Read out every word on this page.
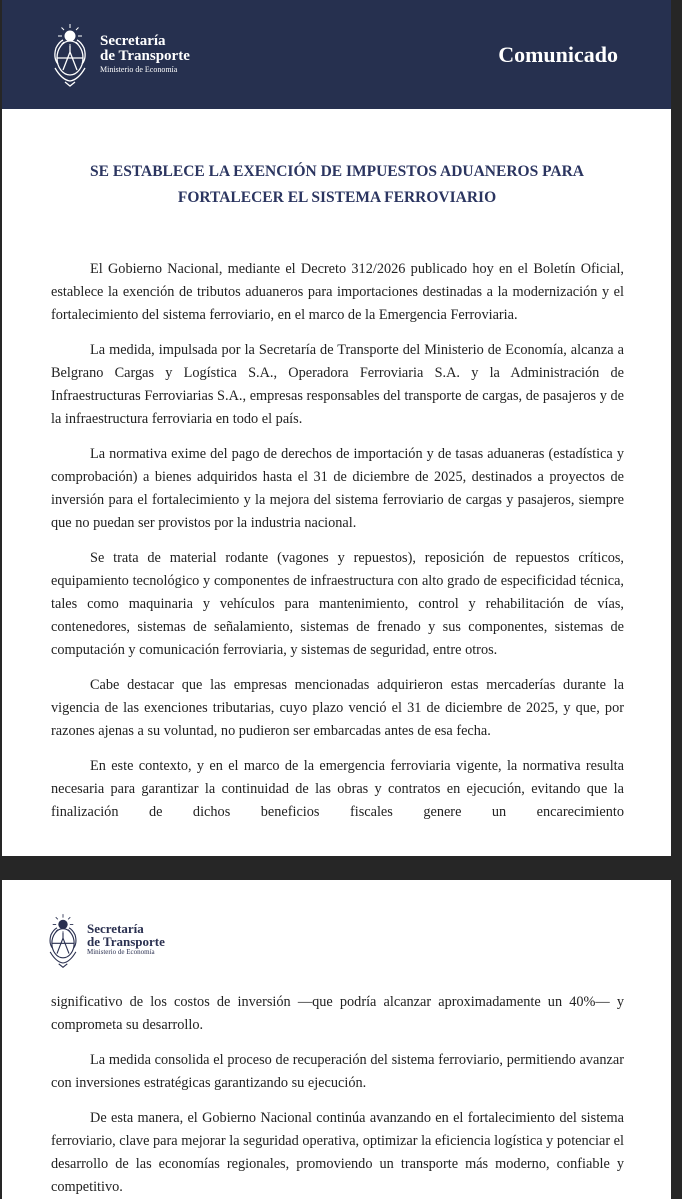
Secretaría
de Transporte
Ministerio de Economía
Comunicado
SE ESTABLECE LA EXENCIÓN DE IMPUESTOS ADUANEROS PARA FORTALECER EL SISTEMA FERROVIARIO

El Gobierno Nacional, mediante el Decreto 312/2026 publicado hoy en el Boletín Oficial, establece la exención de tributos aduaneros para importaciones destinadas a la modernización y el fortalecimiento del sistema ferroviario, en el marco de la Emergencia Ferroviaria.

La medida, impulsada por la Secretaría de Transporte del Ministerio de Economía, alcanza a Belgrano Cargas y Logística S.A., Operadora Ferroviaria S.A. y la Administración de Infraestructuras Ferroviarias S.A., empresas responsables del transporte de cargas, de pasajeros y de la infraestructura ferroviaria en todo el país.

La normativa exime del pago de derechos de importación y de tasas aduaneras (estadística y comprobación) a bienes adquiridos hasta el 31 de diciembre de 2025, destinados a proyectos de inversión para el fortalecimiento y la mejora del sistema ferroviario de cargas y pasajeros, siempre que no puedan ser provistos por la industria nacional.

Se trata de material rodante (vagones y repuestos), reposición de repuestos críticos, equipamiento tecnológico y componentes de infraestructura con alto grado de especificidad técnica, tales como maquinaria y vehículos para mantenimiento, control y rehabilitación de vías, contenedores, sistemas de señalamiento, sistemas de frenado y sus componentes, sistemas de computación y comunicación ferroviaria, y sistemas de seguridad, entre otros.

Cabe destacar que las empresas mencionadas adquirieron estas mercaderías durante la vigencia de las exenciones tributarias, cuyo plazo venció el 31 de diciembre de 2025, y que, por razones ajenas a su voluntad, no pudieron ser embarcadas antes de esa fecha.

En este contexto, y en el marco de la emergencia ferroviaria vigente, la normativa resulta necesaria para garantizar la continuidad de las obras y contratos en ejecución, evitando que la finalización de dichos beneficios fiscales genere un encarecimiento

Secretaría
de Transporte
Ministerio de Economía

significativo de los costos de inversión —que podría alcanzar aproximadamente un 40%— y comprometa su desarrollo.

La medida consolida el proceso de recuperación del sistema ferroviario, permitiendo avanzar con inversiones estratégicas garantizando su ejecución.

De esta manera, el Gobierno Nacional continúa avanzando en el fortalecimiento del sistema ferroviario, clave para mejorar la seguridad operativa, optimizar la eficiencia logística y potenciar el desarrollo de las economías regionales, promoviendo un transporte más moderno, confiable y competitivo.
